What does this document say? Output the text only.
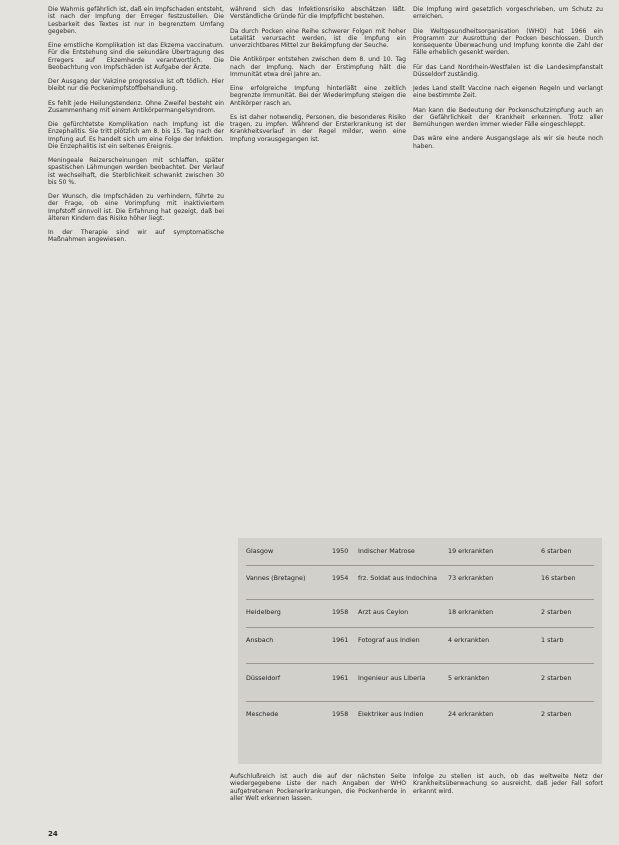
Die Wahrnis gefährlich ist, daß ein Impfschaden entsteht, ist nach der Impfung der Erreger festzustellen. Die Lesbarkeit des Textes ist nur in begrenztem Umfang gegeben.

Eine ernstliche Komplikation ist das Ekzema vaccinatum. Für die Entstehung sind die sekundäre Übertragung des Erregers auf Ekzemherde verantwortlich. Die Beobachtung von Impfschäden ist Aufgabe der Ärzte.

Der Ausgang der Vakzine progressiva ist oft tödlich. Hier bleibt nur die Pockenimpfstoffbehandlung.

Es fehlt jede Heilungstendenz. Ohne Zweifel besteht ein Zusammenhang mit einem Antikörpermangelsyndrom.

Die gefürchtetste Komplikation nach Impfung ist die Enzephalitis. Sie tritt plötzlich am 8. bis 15. Tag nach der Impfung auf. Es handelt sich um eine Folge der Infektion. Die Enzephalitis ist ein seltenes Ereignis.

Meningeale Reizerscheinungen mit schlaffen, später spastischen Lähmungen werden beobachtet. Der Verlauf ist wechselhaft, die Sterblichkeit schwankt zwischen 30 bis 50 %.

Der Wunsch, die Impfschäden zu verhindern, führte zu der Frage, ob eine Vorimpfung mit inaktiviertem Impfstoff sinnvoll ist. Die Erfahrung hat gezeigt, daß bei älteren Kindern das Risiko höher liegt.

In der Therapie sind wir auf symptomatische Maßnahmen angewiesen.

während sich das Infektionsrisiko abschätzen läßt. Verständliche Gründe für die Impfpflicht bestehen.

Da durch Pocken eine Reihe schwerer Folgen mit hoher Letalität verursacht werden, ist die Impfung ein unverzichtbares Mittel zur Bekämpfung der Seuche.

Die Antikörper entstehen zwischen dem 8. und 10. Tag nach der Impfung. Nach der Erstimpfung hält die Immunität etwa drei Jahre an.

Eine erfolgreiche Impfung hinterläßt eine zeitlich begrenzte Immunität. Bei der Wiederimpfung steigen die Antikörper rasch an.

Es ist daher notwendig, Personen, die besonderes Risiko tragen, zu impfen. Während der Ersterkrankung ist der Krankheitsverlauf in der Regel milder, wenn eine Impfung vorausgegangen ist.

Die Impfung wird gesetzlich vorgeschrieben, um Schutz zu erreichen.

Die Weltgesundheitsorganisation (WHO) hat 1966 ein Programm zur Ausrottung der Pocken beschlossen. Durch konsequente Überwachung und Impfung konnte die Zahl der Fälle erheblich gesenkt werden.

Für das Land Nordrhein-Westfalen ist die Landesimpfanstalt Düsseldorf zuständig.

Jedes Land stellt Vaccine nach eigenen Regeln und verlangt eine bestimmte Zeit.

Man kann die Bedeutung der Pockenschutzimpfung auch an der Gefährlichkeit der Krankheit erkennen. Trotz aller Bemühungen werden immer wieder Fälle eingeschleppt.

Das wäre eine andere Ausgangslage als wir sie heute noch haben.

Glasgow	1950 Indischer Matrose	19 erkrankten	6 starben
Vannes (Bretagne)	1954 frz. Soldat aus Indochina	73 erkrankten	16 starben
Heidelberg	1958 Arzt aus Ceylon	18 erkrankten	2 starben
Ansbach	1961 Fotograf aus Indien	4 erkrankten	1 starb
Düsseldorf	1961 Ingenieur aus Liberia	5 erkrankten	2 starben
Meschede	1958 Elektriker aus Indien	24 erkrankten	2 starben

Aufschlußreich ist auch die auf der nächsten Seite wiedergegebene Liste der nach Angaben der WHO aufgetretenen Pockenerkrankungen, die Pockenherde in aller Welt erkennen lassen.

Infolge zu stellen ist auch, ob das weltweite Netz der Krankheitsüberwachung so ausreicht, daß jeder Fall sofort erkannt wird.

24
